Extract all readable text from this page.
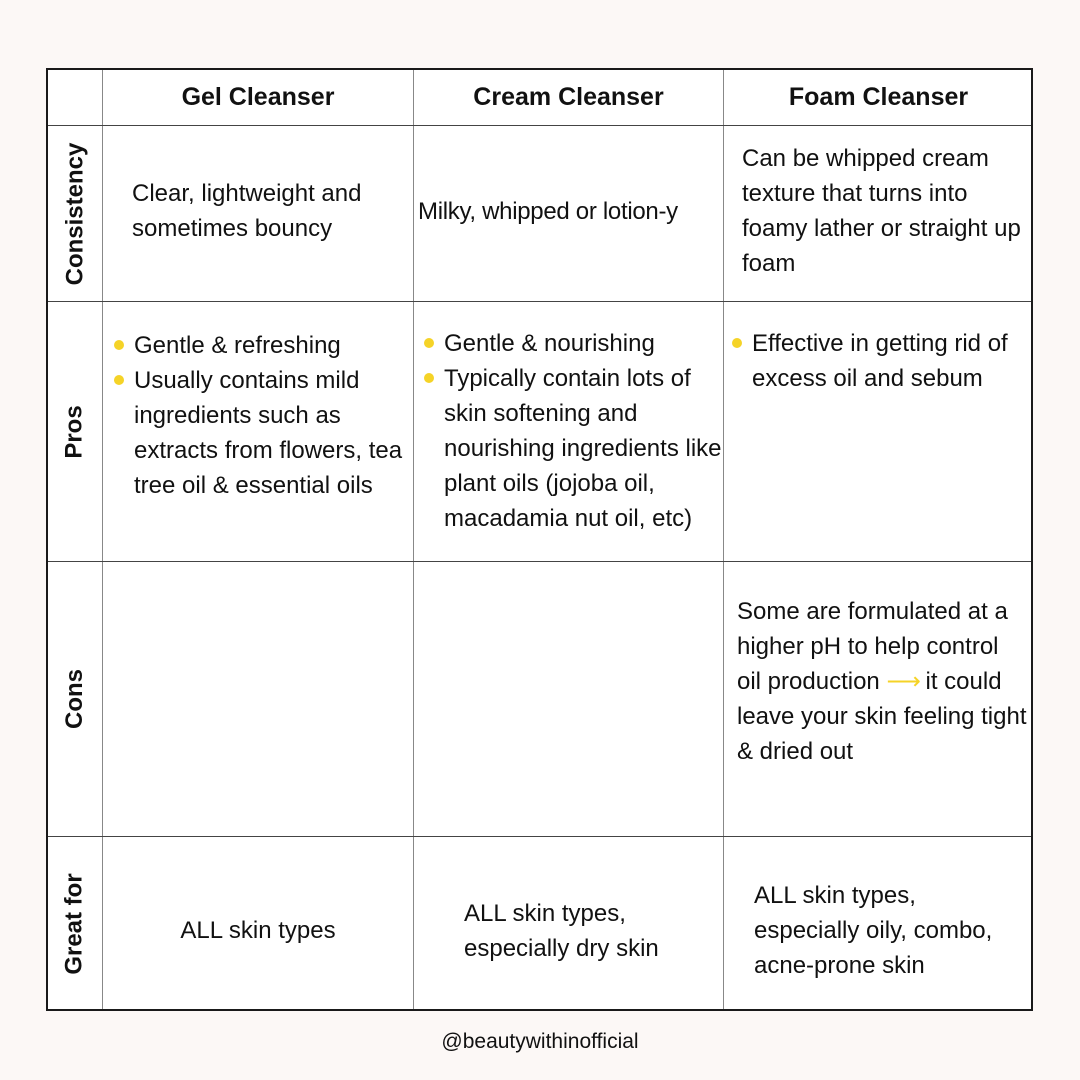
Gel Cleanser	Cream Cleanser	Foam Cleanser
Consistency
Pros
Cons
Great for
Clear, lightweight and sometimes bouncy
Milky, whipped or lotion-y
Can be whipped cream texture that turns into foamy lather or straight up foam
Gentle & refreshing
Usually contains mild ingredients such as extracts from flowers, tea tree oil & essential oils
Gentle & nourishing
Typically contain lots of skin softening and nourishing ingredients like plant oils (jojoba oil, macadamia nut oil, etc)
Effective in getting rid of excess oil and sebum
Some are formulated at a higher pH to help control oil production ⟶ it could leave your skin feeling tight & dried out
ALL skin types
ALL skin types, especially dry skin
ALL skin types, especially oily, combo, acne-prone skin
@beautywithinofficial
